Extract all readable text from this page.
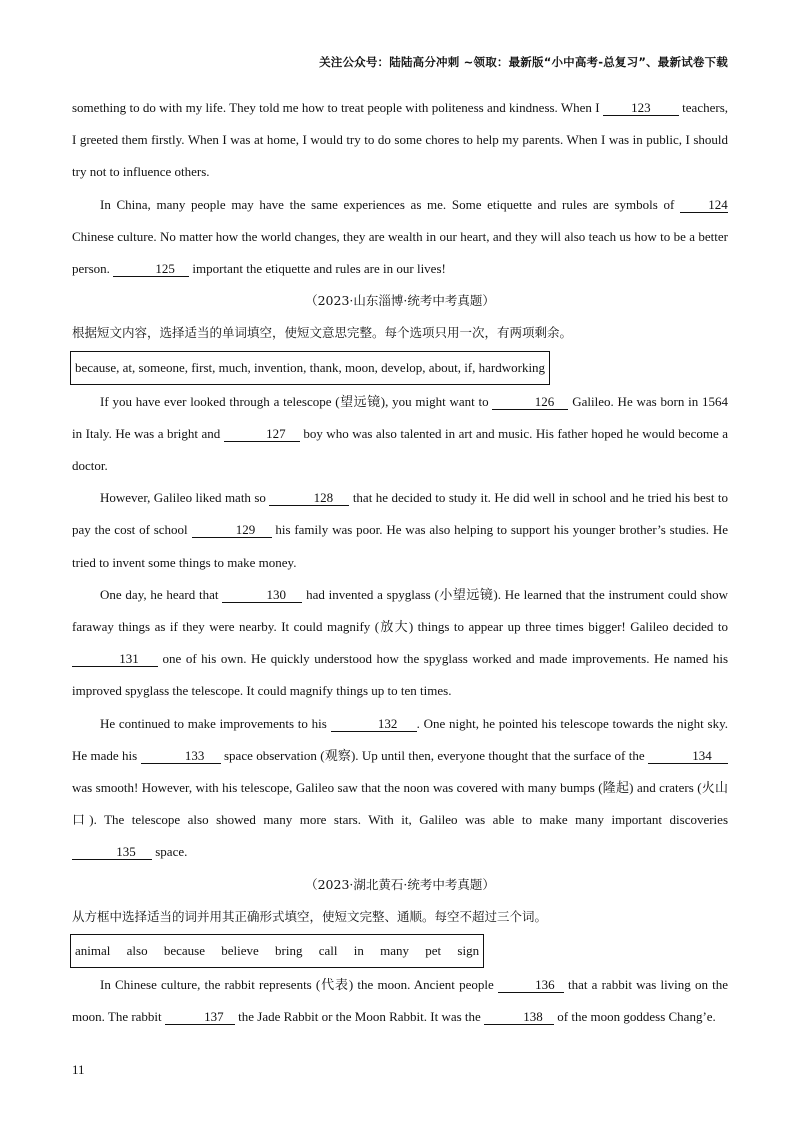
关注公众号：陆陆高分冲刺 ~领取：最新版“小中高考-总复习”、最新试卷下载

something to do with my life. They told me how to treat people with politeness and kindness. When I 123 teachers, I greeted them firstly. When I was at home, I would try to do some chores to help my parents. When I was in public, I should try not to influence others.

In China, many people may have the same experiences as me. Some etiquette and rules are symbols of	124 Chinese culture. No matter how the world changes, they are wealth in our heart, and they will also teach us how to be a better person.	125 important the etiquette and rules are in our lives!

（2023·山东淄博·统考中考真题）

根据短文内容，选择适当的单词填空，使短文意思完整。每个选项只用一次，有两项剩余。

because, at, someone, first, much, invention, thank, moon, develop, about, if, hardworking

If you have ever looked through a telescope (望远镜), you might want to	126 Galileo. He was born in 1564 in Italy. He was a bright and	127 boy who was also talented in art and music. His father hoped he would become a doctor.

However, Galileo liked math so	128 that he decided to study it. He did well in school and he tried his best to pay the cost of school	129 his family was poor. He was also helping to support his younger brother’s studies. He tried to invent some things to make money.

One day, he heard that	130 had invented a spyglass (小望远镜). He learned that the instrument could show faraway things as if they were nearby. It could magnify (放大) things to appear up three times bigger! Galileo decided to 131 one of his own. He quickly understood how the spyglass worked and made improvements. He named his improved spyglass the telescope. It could magnify things up to ten times.

He continued to make improvements to his	132 . One night, he pointed his telescope towards the night sky. He made his	133 space observation (观察). Up until then, everyone thought that the surface of the	134 was smooth! However, with his telescope, Galileo saw that the noon was covered with many bumps (隆起) and craters (火山口). The telescope also showed many more stars. With it, Galileo was able to make many important discoveries 135 space.

（2023·湖北黄石·统考中考真题）

从方框中选择适当的词并用其正确形式填空，使短文完整、通顺。每空不超过三个词。

animal also because believe bring call in many pet sign

In Chinese culture, the rabbit represents (代表) the moon. Ancient people	136 that a rabbit was living on the moon. The rabbit	137 the Jade Rabbit or the Moon Rabbit. It was the	138 of the moon goddess Chang’e.

11
